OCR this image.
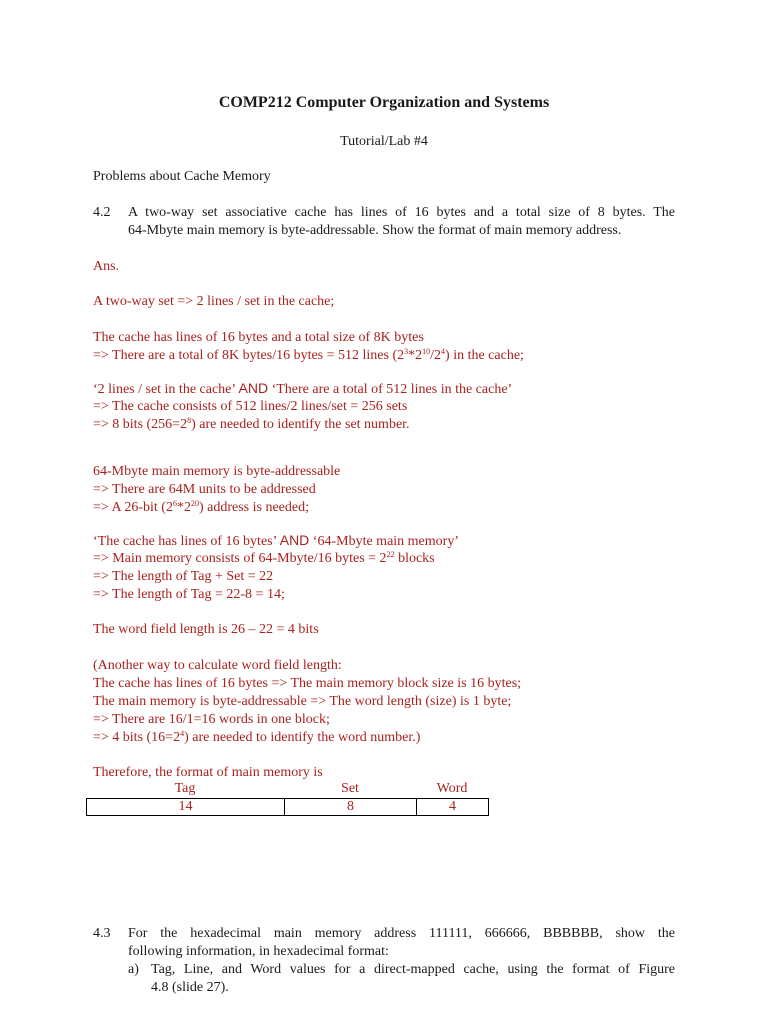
COMP212 Computer Organization and Systems
Tutorial/Lab #4
Problems about Cache Memory
4.2 A two-way set associative cache has lines of 16 bytes and a total size of 8 bytes. The
64-Mbyte main memory is byte-addressable. Show the format of main memory address.
Ans.
A two-way set => 2 lines / set in the cache;
The cache has lines of 16 bytes and a total size of 8K bytes
=> There are a total of 8K bytes/16 bytes = 512 lines $(2^3*2^{10}/2^4)$ in the cache;
‘2 lines / set in the cache’ AND ‘There are a total of 512 lines in the cache’
=> The cache consists of 512 lines/2 lines/set = 256 sets
=> 8 bits $(256=2^8)$ are needed to identify the set number.
64-Mbyte main memory is byte-addressable
=> There are 64M units to be addressed
=> A 26-bit $(2^6*2^{20})$ address is needed;
‘The cache has lines of 16 bytes’ AND ‘64-Mbyte main memory’
=> Main memory consists of 64-Mbyte/16 bytes = $2^{22}$ blocks
=> The length of Tag + Set = 22
=> The length of Tag = 22-8 = 14;
The word field length is 26 – 22 = 4 bits
(Another way to calculate word field length:
The cache has lines of 16 bytes => The main memory block size is 16 bytes;
The main memory is byte-addressable => The word length (size) is 1 byte;
=> There are 16/1=16 words in one block;
=> 4 bits $(16=2^4)$ are needed to identify the word number.)
Therefore, the format of main memory is
Tag	Set	Word
14	8	4
4.3 For the hexadecimal main memory address 111111, 666666, BBBBBB, show the
following information, in hexadecimal format:
a) Tag, Line, and Word values for a direct-mapped cache, using the format of Figure
4.8 (slide 27).
